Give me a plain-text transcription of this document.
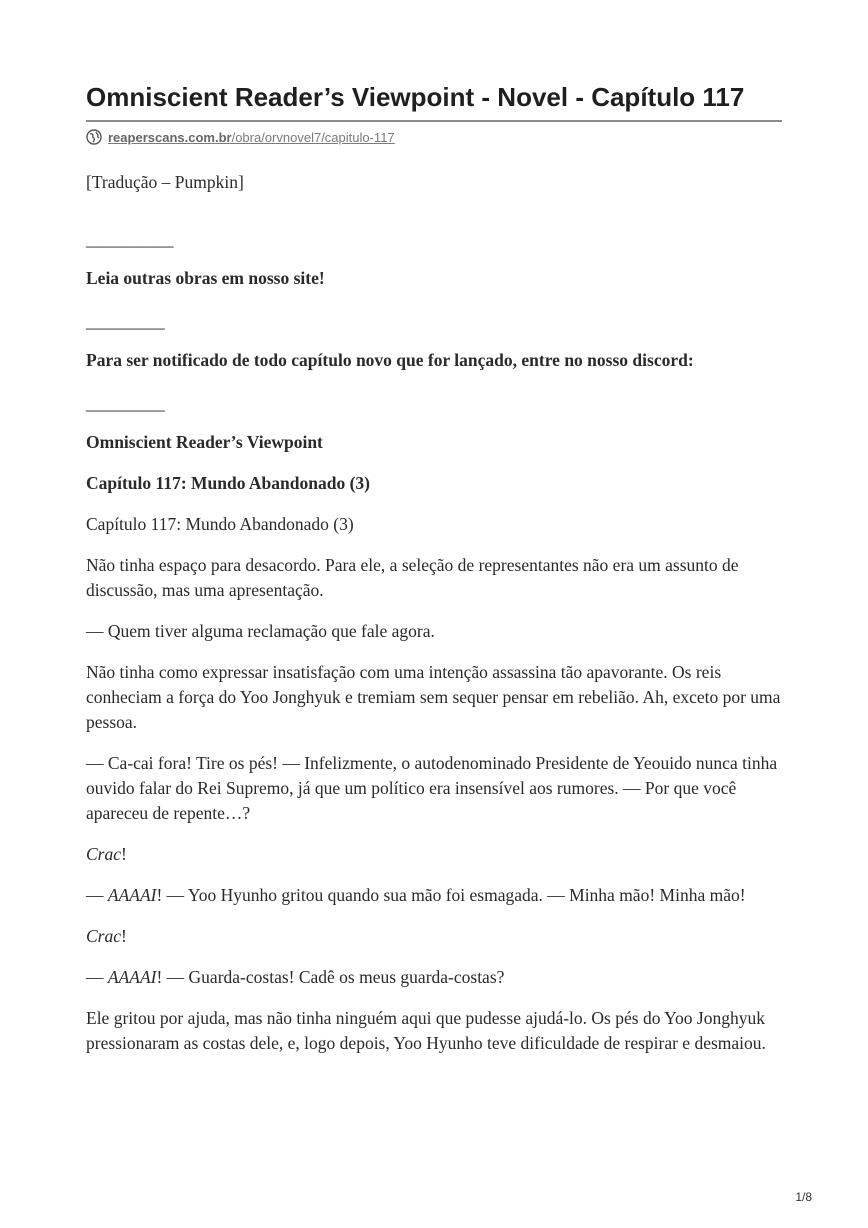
Omniscient Reader’s Viewpoint - Novel - Capítulo 117
reaperscans.com.br/obra/orvnovel7/capitulo-117

[Tradução – Pumpkin]

__________

Leia outras obras em nosso site!

_________

Para ser notificado de todo capítulo novo que for lançado, entre no nosso discord:

_________

Omniscient Reader’s Viewpoint

Capítulo 117: Mundo Abandonado (3)

Capítulo 117: Mundo Abandonado (3)

Não tinha espaço para desacordo. Para ele, a seleção de representantes não era um assunto de discussão, mas uma apresentação.

— Quem tiver alguma reclamação que fale agora.

Não tinha como expressar insatisfação com uma intenção assassina tão apavorante. Os reis conheciam a força do Yoo Jonghyuk e tremiam sem sequer pensar em rebelião. Ah, exceto por uma pessoa.

— Ca-cai fora! Tire os pés! — Infelizmente, o autodenominado Presidente de Yeouido nunca tinha ouvido falar do Rei Supremo, já que um político era insensível aos rumores. — Por que você apareceu de repente…?

Crac!

— AAAAI! — Yoo Hyunho gritou quando sua mão foi esmagada. — Minha mão! Minha mão!

Crac!

— AAAAI! — Guarda-costas! Cadê os meus guarda-costas?

Ele gritou por ajuda, mas não tinha ninguém aqui que pudesse ajudá-lo. Os pés do Yoo Jonghyuk pressionaram as costas dele, e, logo depois, Yoo Hyunho teve dificuldade de respirar e desmaiou.

1/8
